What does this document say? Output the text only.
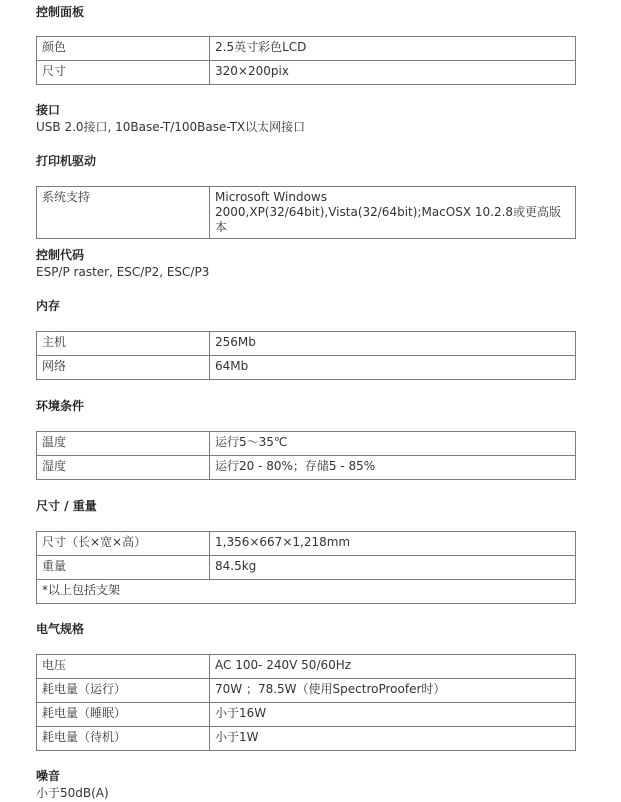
控制面板
颜色	2.5英寸彩色LCD
尺寸	320×200pix
接口

USB 2.0接口, 10Base-T/100Base-TX以太网接口

打印机驱动
系统支持	Microsoft Windows 2000,XP(32/64bit),Vista(32/64bit);MacOSX 10.2.8或更高版本
控制代码

ESP/P raster, ESC/P2, ESC/P3

内存
主机	256Mb
网络	64Mb
环境条件
温度	运行5～35℃
湿度	运行20 - 80%；存储5 - 85%
尺寸 / 重量
尺寸（长×宽×高）	1,356×667×1,218mm
重量	84.5kg
*以上包括支架	
电气规格
电压	AC 100- 240V 50/60Hz
耗电量（运行）	70W ；78.5W（使用SpectroProofer时）
耗电量（睡眠）	小于16W
耗电量（待机）	小于1W
噪音

小于50dB(A)
